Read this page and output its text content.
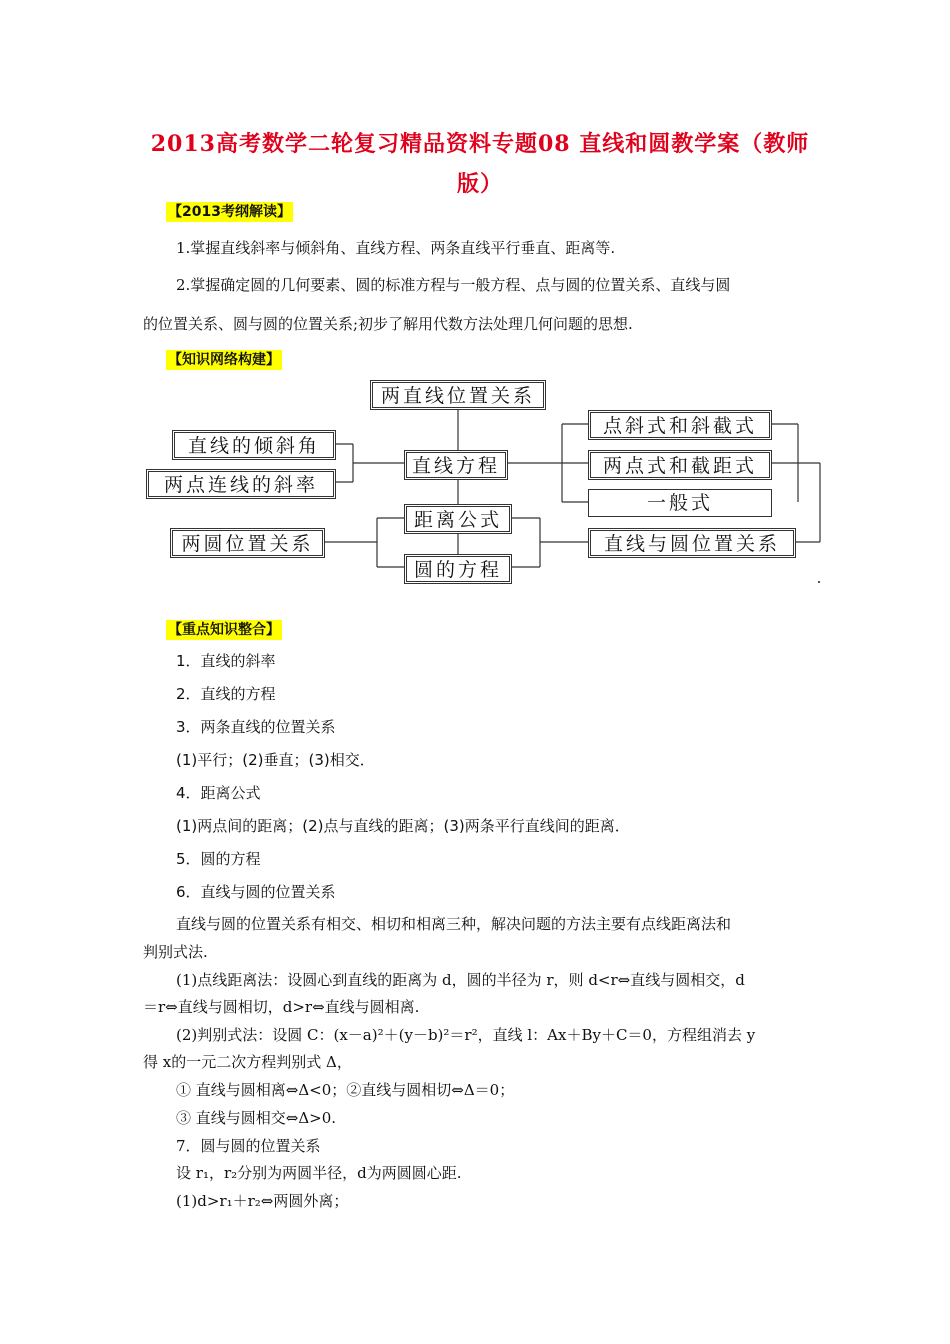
2013高考数学二轮复习精品资料专题08 直线和圆教学案（教师
版）
【2013考纲解读】
1.掌握直线斜率与倾斜角、直线方程、两条直线平行垂直、距离等.
2.掌握确定圆的几何要素、圆的标准方程与一般方程、点与圆的位置关系、直线与圆
的位置关系、圆与圆的位置关系;初步了解用代数方法处理几何问题的思想.
【知识网络构建】
两直线位置关系
直线方程
直线的倾斜角
两点连线的斜率
点斜式和斜截式
两点式和截距式
一般式
距离公式
圆的方程
两圆位置关系	直线与圆位置关系
【重点知识整合】
1．直线的斜率
2．直线的方程
3．两条直线的位置关系
(1)平行；(2)垂直；(3)相交．
4．距离公式
(1)两点间的距离；(2)点与直线的距离；(3)两条平行直线间的距离．
5．圆的方程
6．直线与圆的位置关系
直线与圆的位置关系有相交、相切和相离三种，解决问题的方法主要有点线距离法和
判别式法.
(1)点线距离法：设圆心到直线的距离为 d，圆的半径为 r，则 d<r⇔直线与圆相交，d
＝r⇔直线与圆相切，d>r⇔直线与圆相离.
(2)判别式法：设圆 C：(x－a)²＋(y－b)²＝r²，直线 l：Ax＋By＋C＝0，方程组消去 y
得 x的一元二次方程判别式 Δ，
① 直线与圆相离⇔Δ<0；②直线与圆相切⇔Δ＝0；
③ 直线与圆相交⇔Δ>0.
7．圆与圆的位置关系
设 r₁，r₂分别为两圆半径，d为两圆圆心距.
(1)d>r₁＋r₂⇔两圆外离；
